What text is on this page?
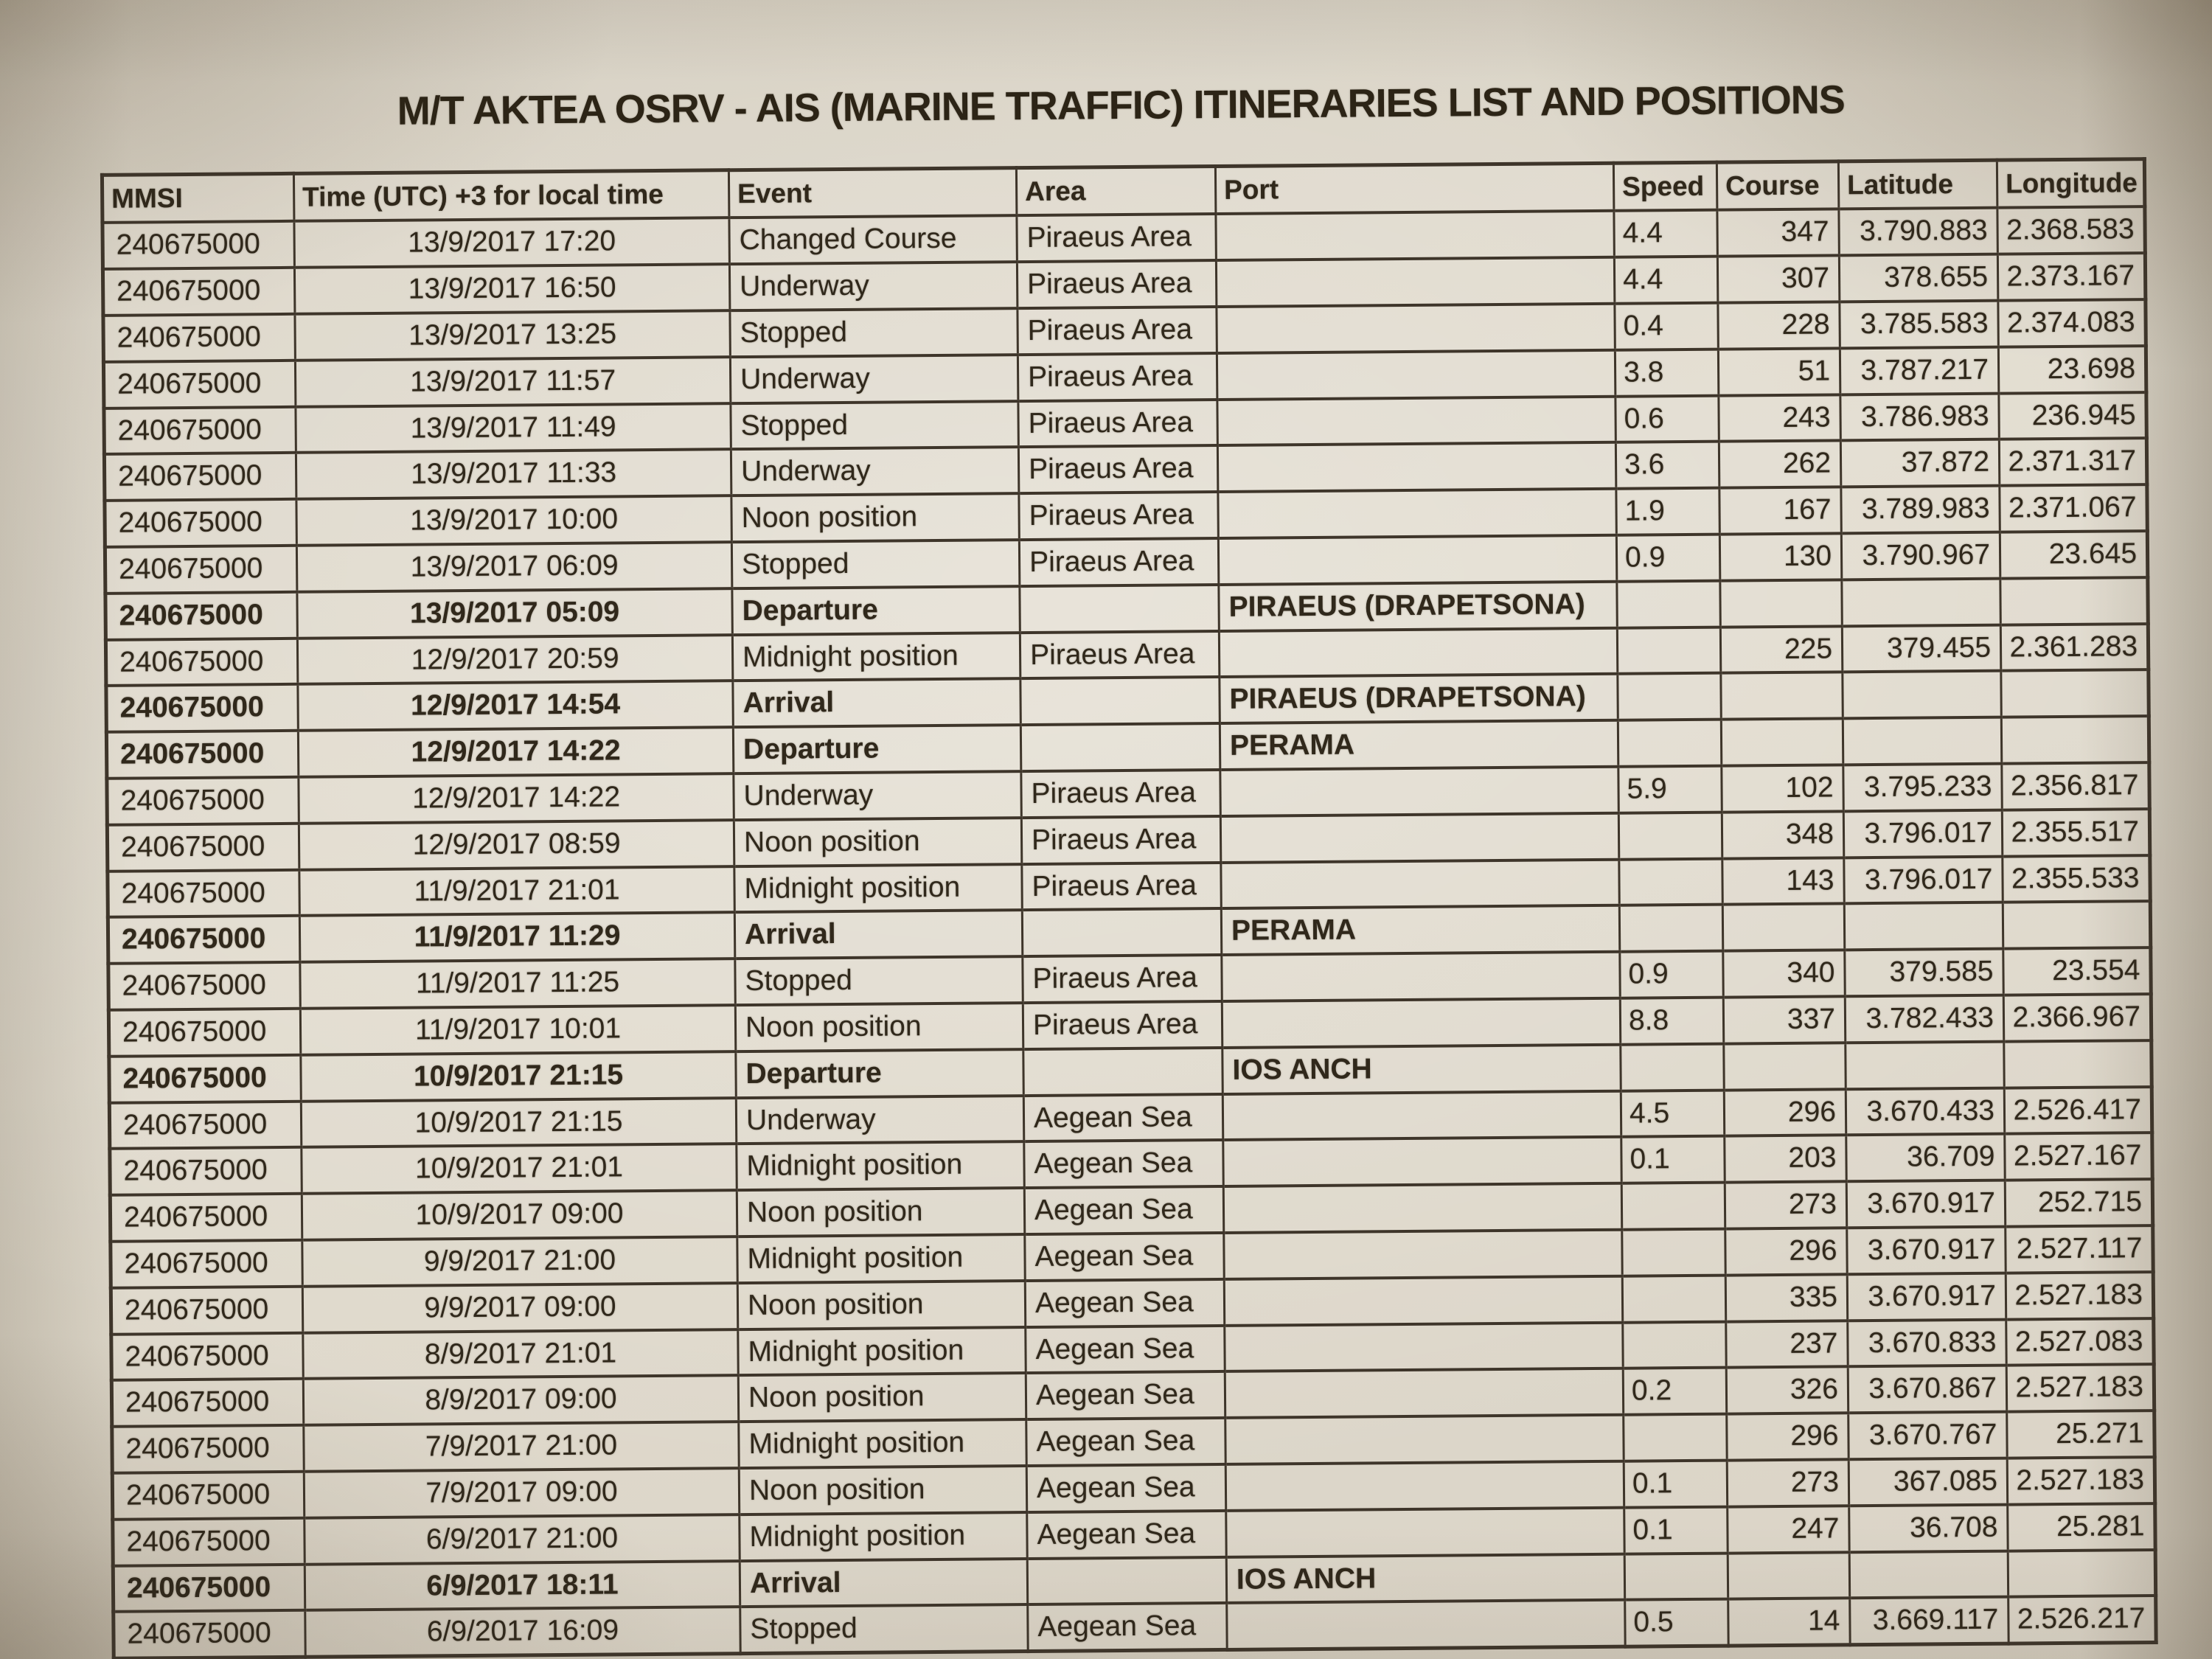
M/T AKTEA OSRV - AIS (MARINE TRAFFIC) ITINERARIES LIST AND POSITIONS
MMSI	Time (UTC) +3 for local time	Event	Area	Port	Speed	Course	Latitude	Longitude
240675000	13/9/2017 17:20	Changed Course	Piraeus Area		4.4	347	3.790.883	2.368.583
240675000	13/9/2017 16:50	Underway	Piraeus Area		4.4	307	378.655	2.373.167
240675000	13/9/2017 13:25	Stopped	Piraeus Area		0.4	228	3.785.583	2.374.083
240675000	13/9/2017 11:57	Underway	Piraeus Area		3.8	51	3.787.217	23.698
240675000	13/9/2017 11:49	Stopped	Piraeus Area		0.6	243	3.786.983	236.945
240675000	13/9/2017 11:33	Underway	Piraeus Area		3.6	262	37.872	2.371.317
240675000	13/9/2017 10:00	Noon position	Piraeus Area		1.9	167	3.789.983	2.371.067
240675000	13/9/2017 06:09	Stopped	Piraeus Area		0.9	130	3.790.967	23.645
240675000	13/9/2017 05:09	Departure		PIRAEUS (DRAPETSONA)				
240675000	12/9/2017 20:59	Midnight position	Piraeus Area			225	379.455	2.361.283
240675000	12/9/2017 14:54	Arrival		PIRAEUS (DRAPETSONA)				
240675000	12/9/2017 14:22	Departure		PERAMA				
240675000	12/9/2017 14:22	Underway	Piraeus Area		5.9	102	3.795.233	2.356.817
240675000	12/9/2017 08:59	Noon position	Piraeus Area			348	3.796.017	2.355.517
240675000	11/9/2017 21:01	Midnight position	Piraeus Area			143	3.796.017	2.355.533
240675000	11/9/2017 11:29	Arrival		PERAMA				
240675000	11/9/2017 11:25	Stopped	Piraeus Area		0.9	340	379.585	23.554
240675000	11/9/2017 10:01	Noon position	Piraeus Area		8.8	337	3.782.433	2.366.967
240675000	10/9/2017 21:15	Departure		IOS ANCH				
240675000	10/9/2017 21:15	Underway	Aegean Sea		4.5	296	3.670.433	2.526.417
240675000	10/9/2017 21:01	Midnight position	Aegean Sea		0.1	203	36.709	2.527.167
240675000	10/9/2017 09:00	Noon position	Aegean Sea			273	3.670.917	252.715
240675000	9/9/2017 21:00	Midnight position	Aegean Sea			296	3.670.917	2.527.117
240675000	9/9/2017 09:00	Noon position	Aegean Sea			335	3.670.917	2.527.183
240675000	8/9/2017 21:01	Midnight position	Aegean Sea			237	3.670.833	2.527.083
240675000	8/9/2017 09:00	Noon position	Aegean Sea		0.2	326	3.670.867	2.527.183
240675000	7/9/2017 21:00	Midnight position	Aegean Sea			296	3.670.767	25.271
240675000	7/9/2017 09:00	Noon position	Aegean Sea		0.1	273	367.085	2.527.183
240675000	6/9/2017 21:00	Midnight position	Aegean Sea		0.1	247	36.708	25.281
240675000	6/9/2017 18:11	Arrival		IOS ANCH				
240675000	6/9/2017 16:09	Stopped	Aegean Sea		0.5	14	3.669.117	2.526.217
